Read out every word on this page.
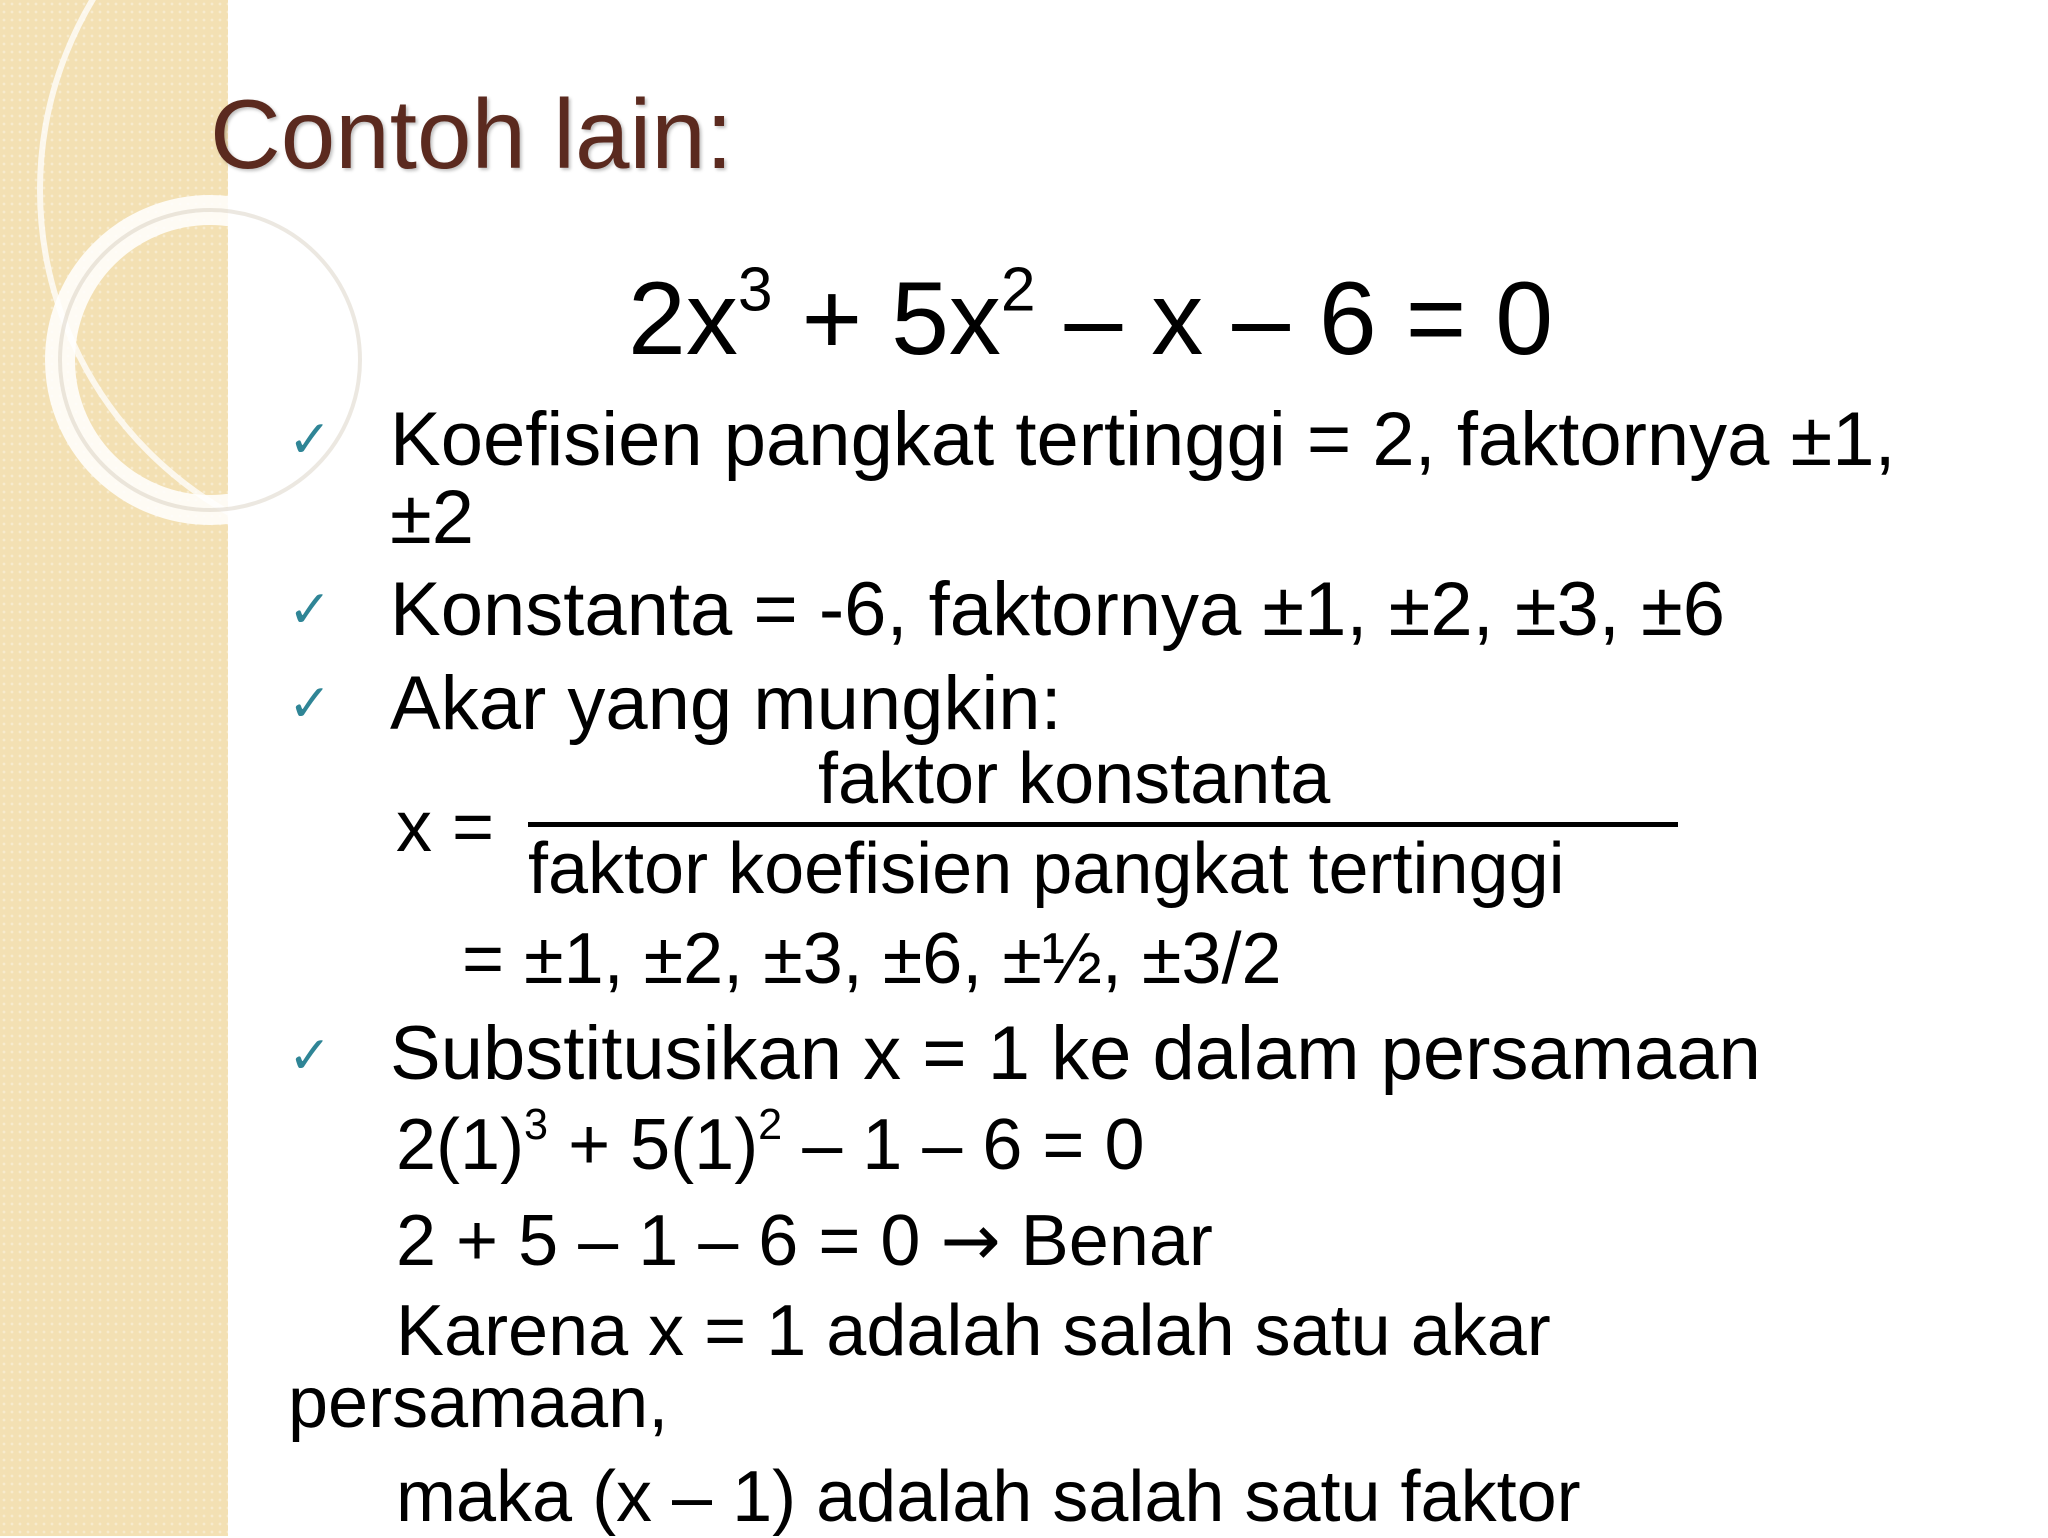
Contoh lain:
$2x^3 + 5x^2 - x - 6 = 0$
✓ Koefisien pangkat tertinggi = 2, faktornya ±1,
±2
✓ Konstanta = -6, faktornya ±1, ±2, ±3, ±6
✓ Akar yang mungkin:
x =
faktor konstanta
faktor koefisien pangkat tertinggi
= ±1, ±2, ±3, ±6, ±½, ±3/2
✓ Substitusikan x = 1 ke dalam persamaan
$2(1)^3 + 5(1)^2 - 1 - 6 = 0$
2 + 5 – 1 – 6 = 0 → Benar
Karena x = 1 adalah salah satu akar
persamaan,
maka (x – 1) adalah salah satu faktor
